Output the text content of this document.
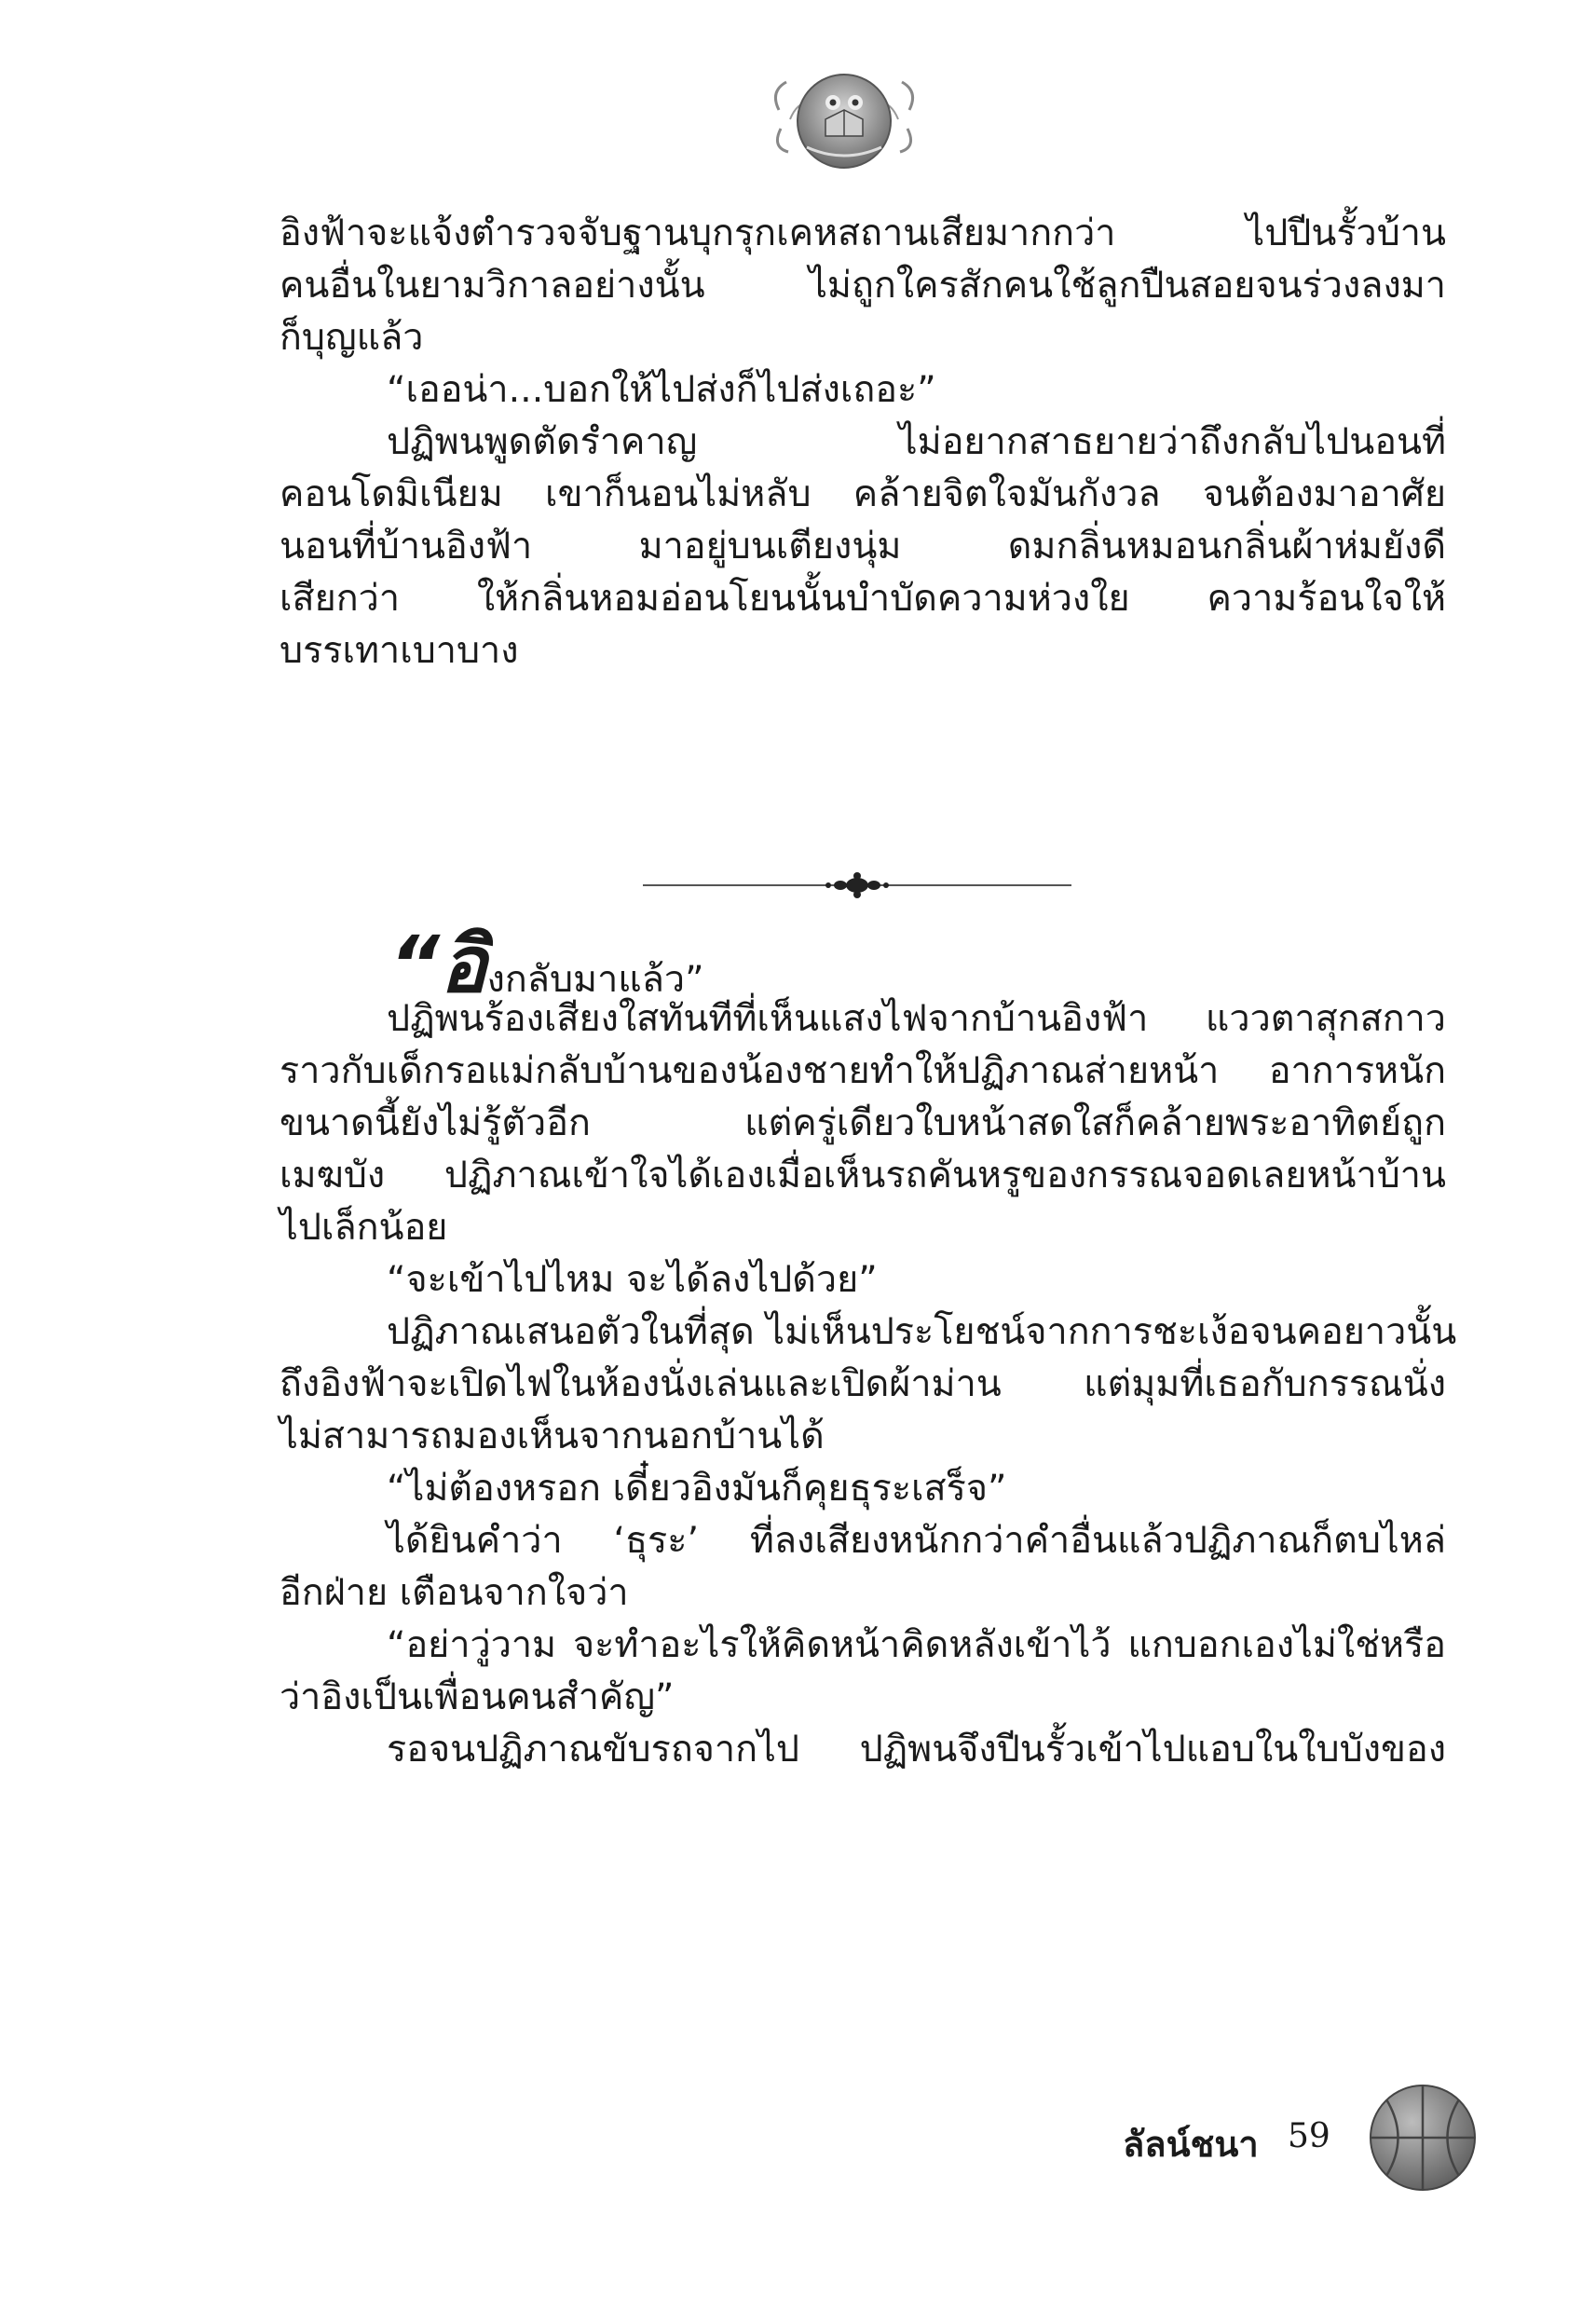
อิงฟ้าจะแจ้งตำรวจจับฐานบุกรุกเคหสถานเสียมากกว่า ไปปีนรั้วบ้าน
คนอื่นในยามวิกาลอย่างนั้น ไม่ถูกใครสักคนใช้ลูกปืนสอยจนร่วงลงมา
ก็บุญแล้ว
“เออน่า...บอกให้ไปส่งก็ไปส่งเถอะ”
ปฏิพนพูดตัดรำคาญ ไม่อยากสาธยายว่าถึงกลับไปนอนที่
คอนโดมิเนียม เขาก็นอนไม่หลับ คล้ายจิตใจมันกังวล จนต้องมาอาศัย
นอนที่บ้านอิงฟ้า มาอยู่บนเตียงนุ่ม ดมกลิ่นหมอนกลิ่นผ้าห่มยังดี
เสียกว่า ให้กลิ่นหอมอ่อนโยนนั้นบำบัดความห่วงใย ความร้อนใจให้
บรรเทาเบาบาง
“อิงกลับมาแล้ว”
ปฏิพนร้องเสียงใสทันทีที่เห็นแสงไฟจากบ้านอิงฟ้า แววตาสุกสกาว
ราวกับเด็กรอแม่กลับบ้านของน้องชายทำให้ปฏิภาณส่ายหน้า อาการหนัก
ขนาดนี้ยังไม่รู้ตัวอีก แต่ครู่เดียวใบหน้าสดใสก็คล้ายพระอาทิตย์ถูก
เมฆบัง ปฏิภาณเข้าใจได้เองเมื่อเห็นรถคันหรูของกรรณจอดเลยหน้าบ้าน
ไปเล็กน้อย
“จะเข้าไปไหม จะได้ลงไปด้วย”
ปฏิภาณเสนอตัวในที่สุด ไม่เห็นประโยชน์จากการชะเง้อจนคอยาวนั้น
ถึงอิงฟ้าจะเปิดไฟในห้องนั่งเล่นและเปิดผ้าม่าน แต่มุมที่เธอกับกรรณนั่ง
ไม่สามารถมองเห็นจากนอกบ้านได้
“ไม่ต้องหรอก เดี๋ยวอิงมันก็คุยธุระเสร็จ”
ได้ยินคำว่า ‘ธุระ’ ที่ลงเสียงหนักกว่าคำอื่นแล้วปฏิภาณก็ตบไหล่
อีกฝ่าย เตือนจากใจว่า
“อย่าวู่วาม จะทำอะไรให้คิดหน้าคิดหลังเข้าไว้ แกบอกเองไม่ใช่หรือ
ว่าอิงเป็นเพื่อนคนสำคัญ”
รอจนปฏิภาณขับรถจากไป ปฏิพนจึงปีนรั้วเข้าไปแอบในใบบังของ
ลัลน์ชนา 59
